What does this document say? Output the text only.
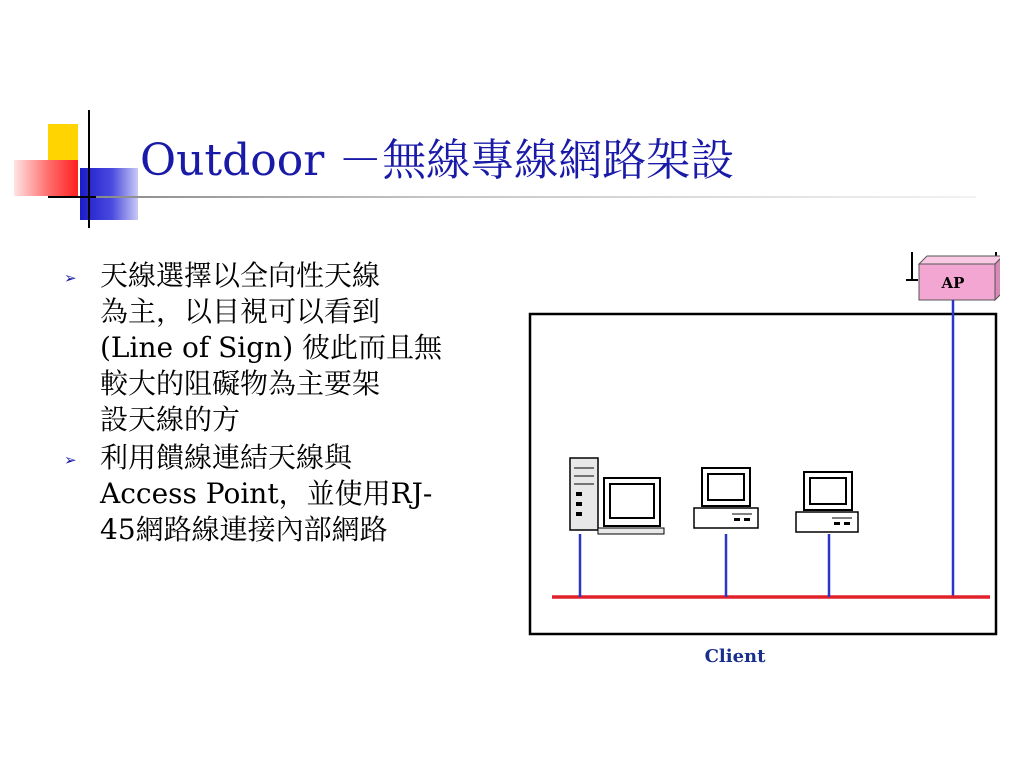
Outdoor －無線專線網路架設
➢ 天線選擇以全向性天線
為主，以目視可以看到
(Line of Sign) 彼此而且無
較大的阻礙物為主要架
設天線的方
➢ 利用饋線連結天線與
Access Point，並使用RJ-
45網路線連接內部網路
AP
Client
